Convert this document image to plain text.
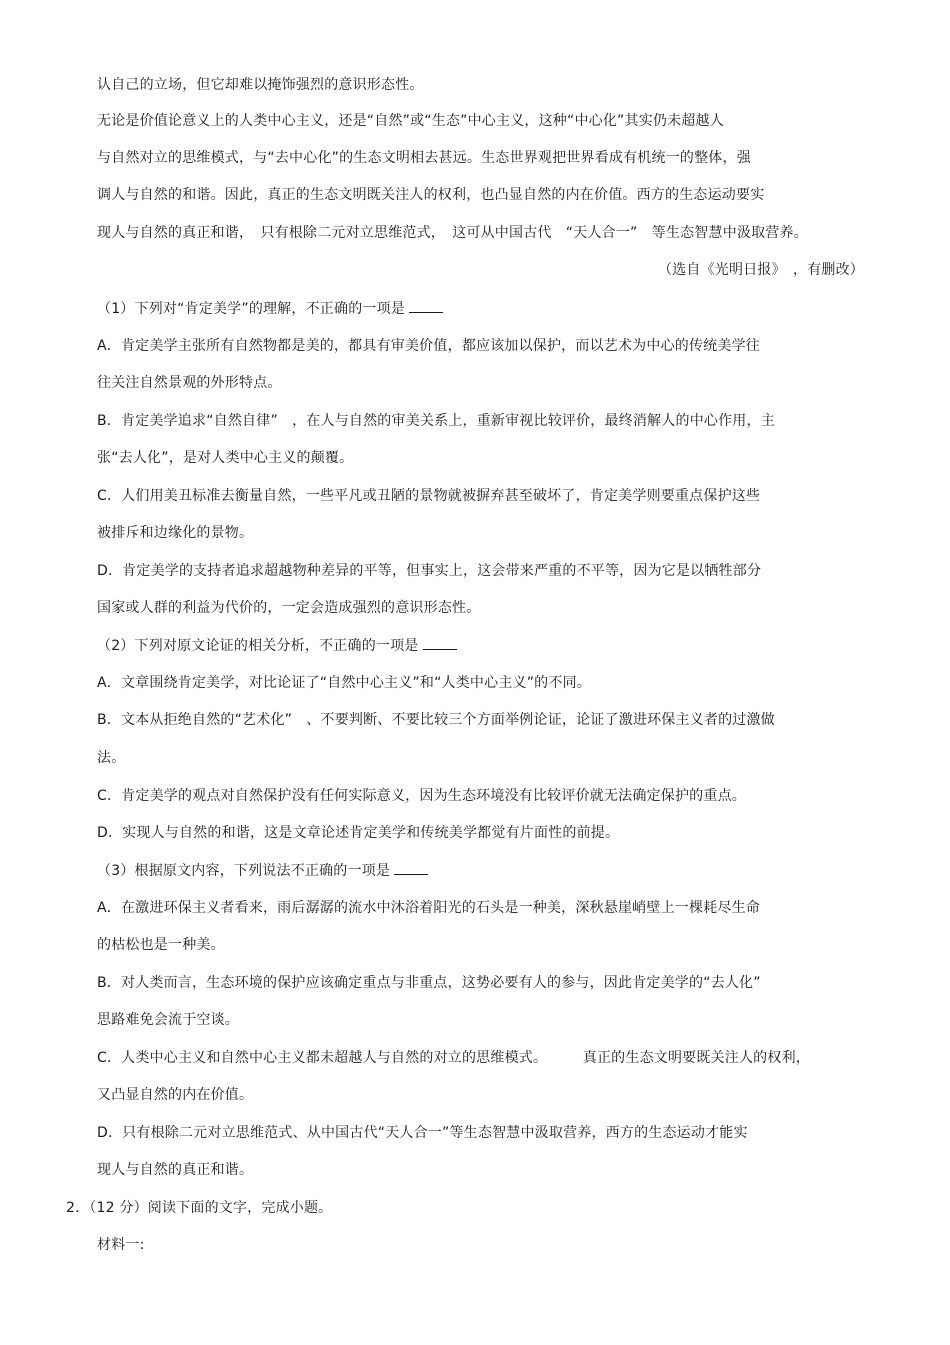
认自己的立场，但它却难以掩饰强烈的意识形态性。
无论是价值论意义上的人类中心主义，还是“自然”或“生态”中心主义，这种“中心化”其实仍未超越人
与自然对立的思维模式，与“去中心化”的生态文明相去甚远。生态世界观把世界看成有机统一的整体，强
调人与自然的和谐。因此，真正的生态文明既关注人的权利，也凸显自然的内在价值。西方的生态运动要实
现人与自然的真正和谐，　只有根除二元对立思维范式，　这可从中国古代　“天人合一”　等生态智慧中汲取营养。
（选自《光明日报》　，有删改）
（1）下列对“肯定美学”的理解，不正确的一项是
A．肯定美学主张所有自然物都是美的，都具有审美价值，都应该加以保护，而以艺术为中心的传统美学往
往关注自然景观的外形特点。
B．肯定美学追求“自然自律”　，在人与自然的审美关系上，重新审视比较评价，最终消解人的中心作用，主
张“去人化”，是对人类中心主义的颠覆。
C．人们用美丑标准去衡量自然，一些平凡或丑陋的景物就被摒弃甚至破坏了，肯定美学则要重点保护这些
被排斥和边缘化的景物。
D．肯定美学的支持者追求超越物种差异的平等，但事实上，这会带来严重的不平等，因为它是以牺牲部分
国家或人群的利益为代价的，一定会造成强烈的意识形态性。
（2）下列对原文论证的相关分析，不正确的一项是
A．文章围绕肯定美学，对比论证了“自然中心主义”和“人类中心主义”的不同。
B．文本从拒绝自然的“艺术化”　、不要判断、不要比较三个方面举例论证，论证了激进环保主义者的过激做
法。
C．肯定美学的观点对自然保护没有任何实际意义，因为生态环境没有比较评价就无法确定保护的重点。
D．实现人与自然的和谐，这是文章论述肯定美学和传统美学都觉有片面性的前提。
（3）根据原文内容，下列说法不正确的一项是
A．在激进环保主义者看来，雨后潺潺的流水中沐浴着阳光的石头是一种美，深秋悬崖峭壁上一棵耗尽生命
的枯松也是一种美。
B．对人类而言，生态环境的保护应该确定重点与非重点，这势必要有人的参与，因此肯定美学的“去人化”
思路难免会流于空谈。
C．人类中心主义和自然中心主义都未超越人与自然的对立的思维模式。　　　真正的生态文明要既关注人的权利，
又凸显自然的内在价值。
D．只有根除二元对立思维范式、从中国古代“天人合一”等生态智慧中汲取营养，西方的生态运动才能实
现人与自然的真正和谐。
2．（12 分）阅读下面的文字，完成小题。
材料一:
